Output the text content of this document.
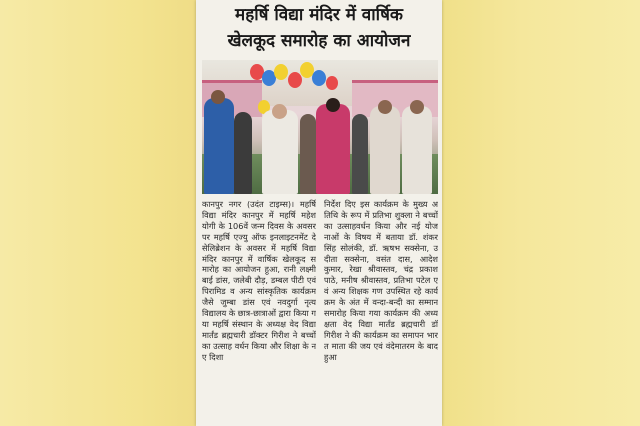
महर्षि विद्या मंदिर में वार्षिक
खेलकूद समारोह का आयोजन
कानपुर नगर (उदंत टाइम्स)। महर्षि विद्या मंदिर कानपुर में महर्षि महेश योगी के 106वें जन्म दिवस के अवसर पर महर्षि एज्यु ऑफ इनलाइटनमेंट दे सेलिब्रेशन के अवसर में महर्षि विद्या मंदिर कानपुर में वार्षिक खेलकूद समारोह का आयोजन हुआ, रानी लक्ष्मी बाई डांस, जलेबी दौड़, डम्बल पीटी एवं पिरामिड व अन्य सांस्कृतिक कार्यक्रम जैसे जुम्बा डांस एवं नवदुर्गा नृत्य विद्यालय के छात्र-छात्राओं द्वारा किया गया महर्षि संस्थान के अध्यक्ष वेद विद्या मार्तंड ब्रह्मचारी डॉक्टर गिरीश ने बच्चों का उत्साह वर्धन किया और शिक्षा के नए दिशा
निर्देश दिए इस कार्यक्रम के मुख्य अतिथि के रूप में प्रतिभा शुक्ला ने बच्चों का उत्साहवर्धन किया और नई योजनाओं के विषय में बताया डॉ. शंकर सिंह सोलंकी, डॉ. ऋषभ सक्सेना, उदीता सक्सेना, वसंत दास, आदेश कुमार, रेखा श्रीवास्तव, चंद्र प्रकाश पाठे, मनीष श्रीवास्तव, प्रतिभा पटेल एवं अन्य शिक्षक गण उपस्थित रहे कार्यक्रम के अंत में वन्दा-बन्दी का सम्मान समारोह किया गया कार्यक्रम की अध्यक्षता वेद विद्या मार्तंड ब्रह्मचारी डॉ गिरीश ने की कार्यक्रम का समापन भारत माता की जय एवं वंदेमातरम के बाद हुआ
